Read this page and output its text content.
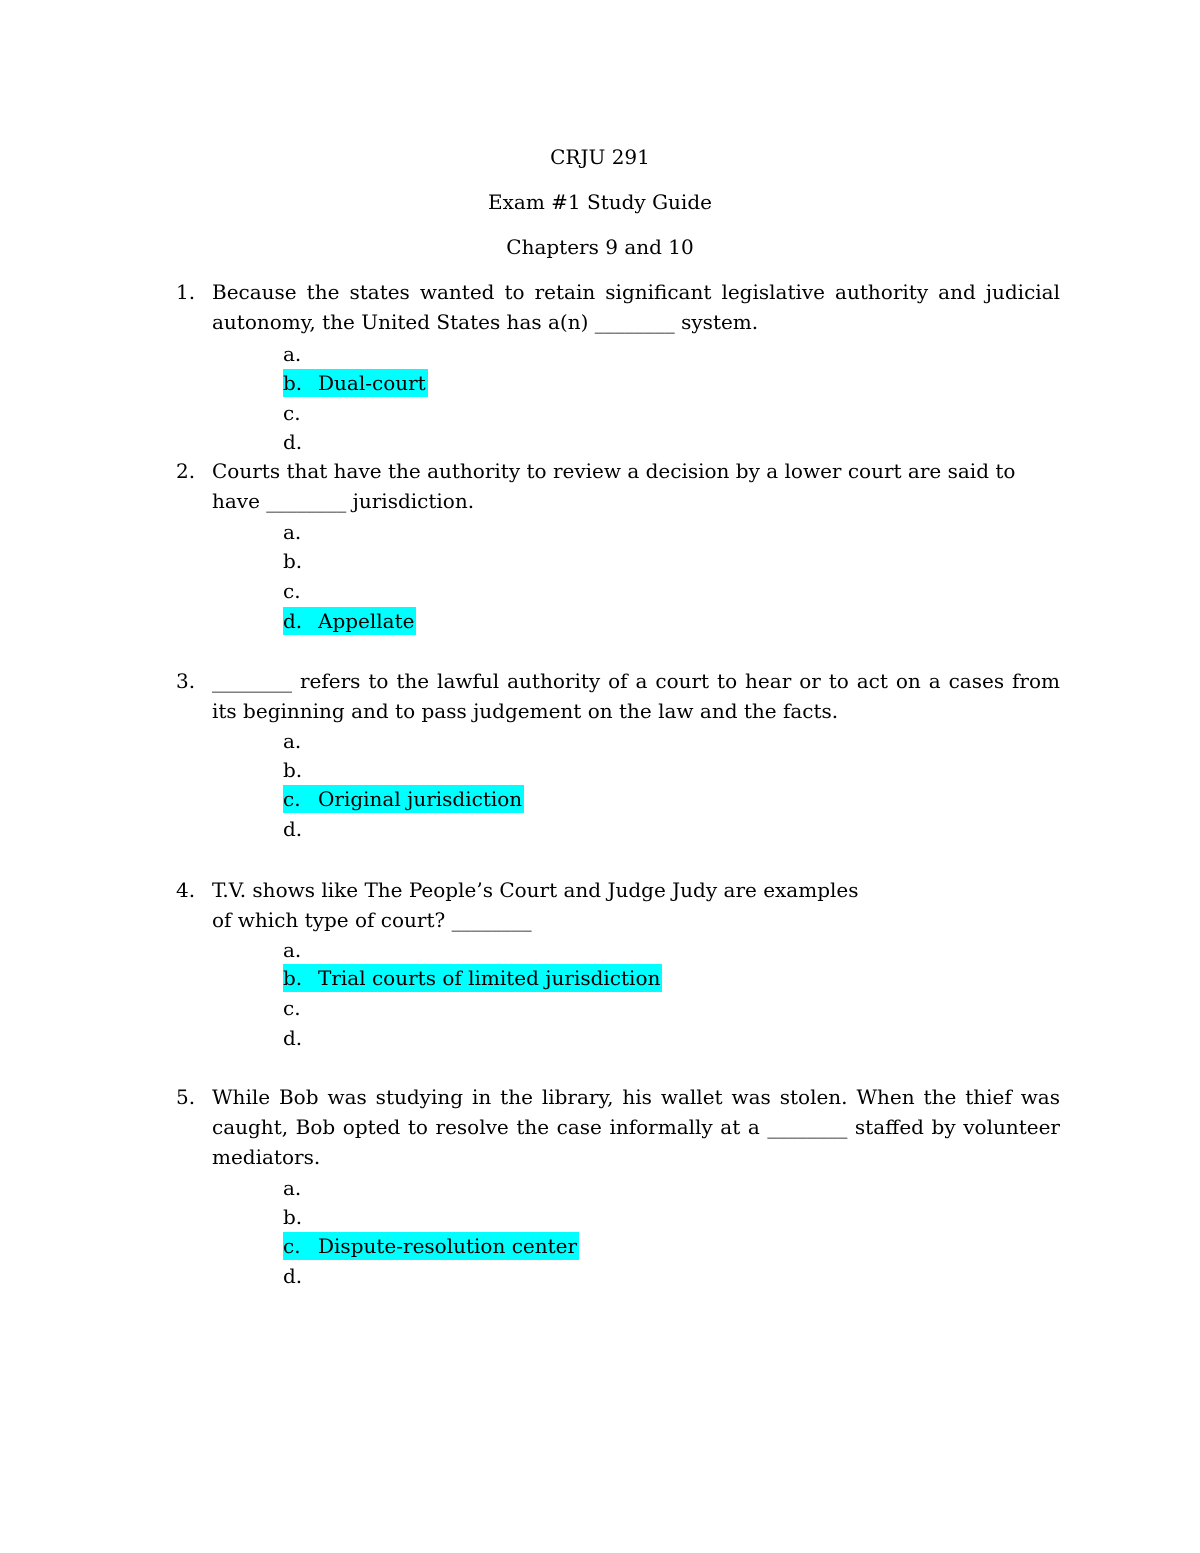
CRJU 291
Exam #1 Study Guide
Chapters 9 and 10
1. Because the states wanted to retain significant legislative authority and judicial autonomy, the United States has a(n) ________ system.
a.
b. Dual-court
c.
d.
2. Courts that have the authority to review a decision by a lower court are said to have ________ jurisdiction.
a.
b.
c.
d. Appellate
3. ________ refers to the lawful authority of a court to hear or to act on a cases from its beginning and to pass judgement on the law and the facts.
a.
b.
c. Original jurisdiction
d.
4. T.V. shows like The People’s Court and Judge Judy are examples
of which type of court? ________
a.
b. Trial courts of limited jurisdiction
c.
d.
5. While Bob was studying in the library, his wallet was stolen. When the thief was caught, Bob opted to resolve the case informally at a ________ staffed by volunteer mediators.
a.
b.
c. Dispute-resolution center
d.
